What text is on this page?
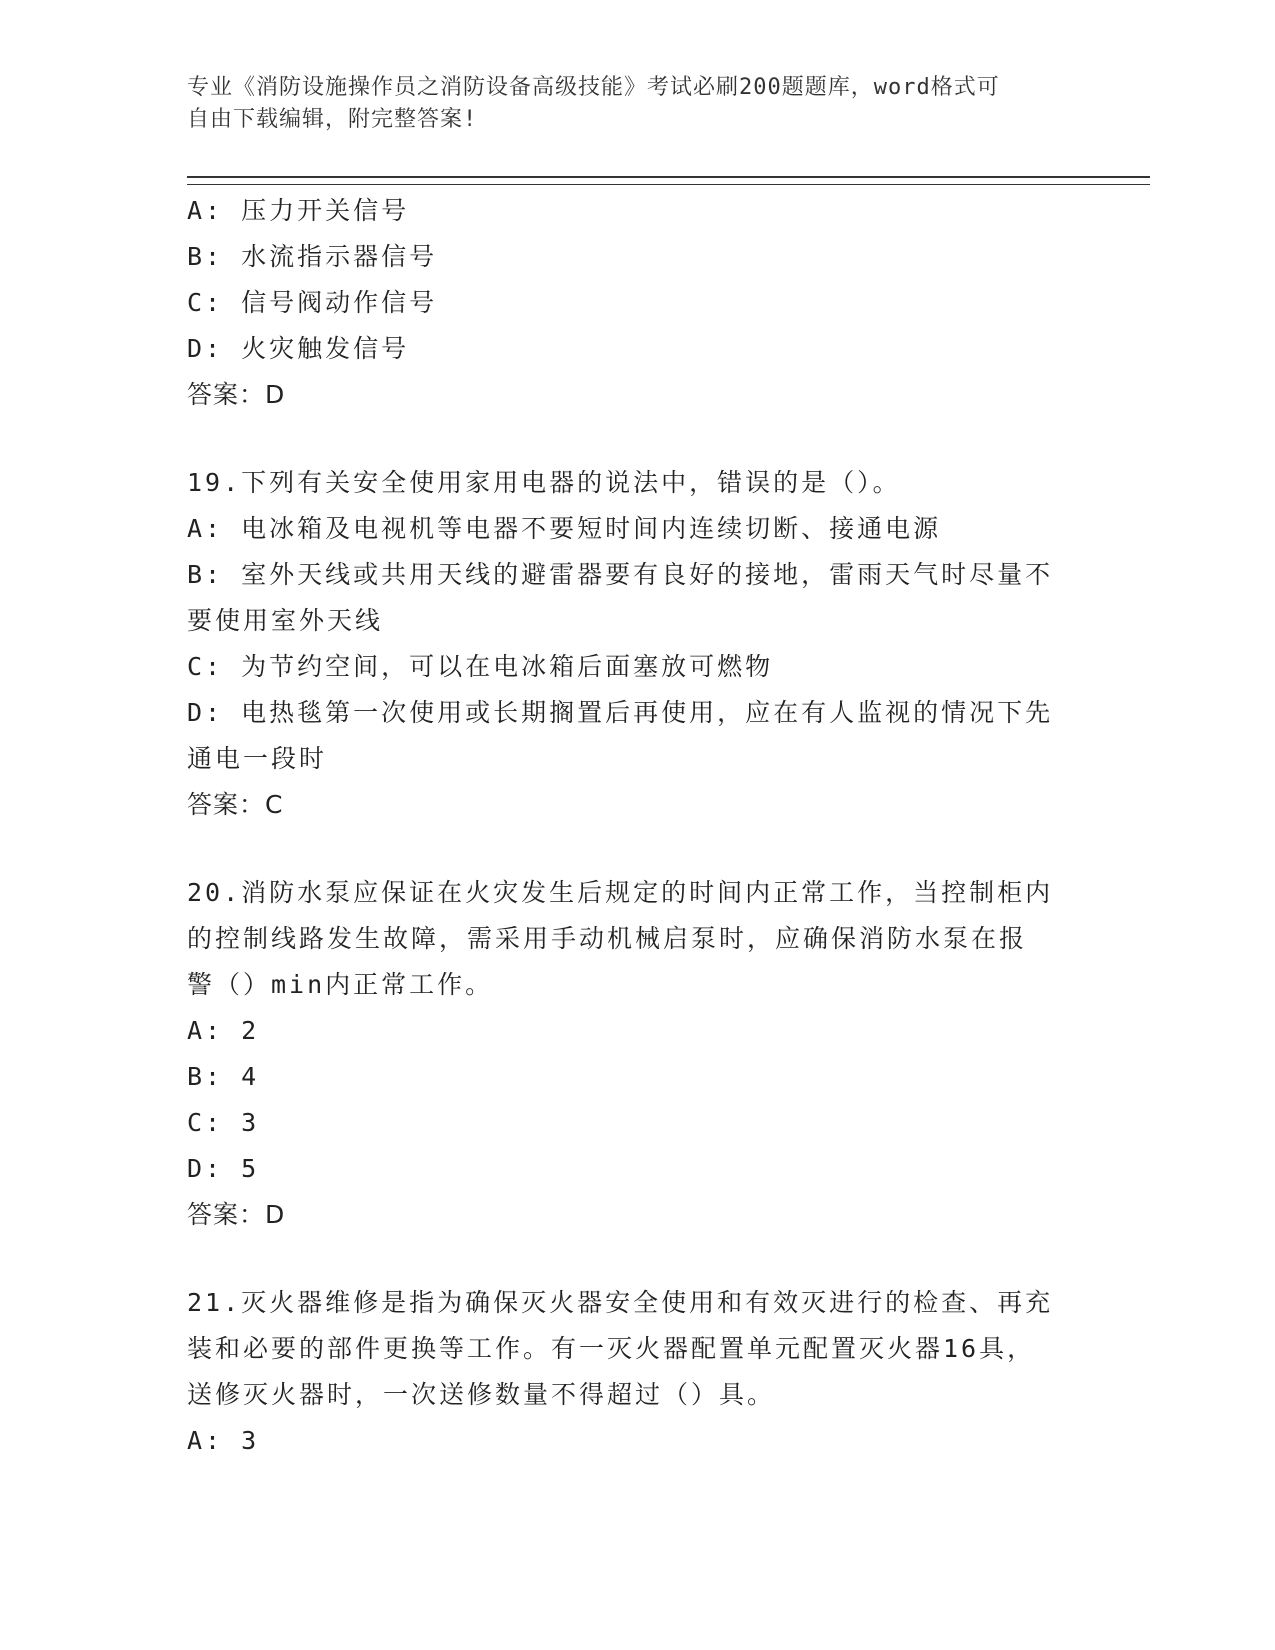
专业《消防设施操作员之消防设备高级技能》考试必刷200题题库，word格式可
自由下载编辑，附完整答案!
A: 压力开关信号
B: 水流指示器信号
C: 信号阀动作信号
D: 火灾触发信号
答案：D
19.下列有关安全使用家用电器的说法中，错误的是（）。
A: 电冰箱及电视机等电器不要短时间内连续切断、接通电源
B: 室外天线或共用天线的避雷器要有良好的接地，雷雨天气时尽量不
要使用室外天线
C: 为节约空间，可以在电冰箱后面塞放可燃物
D: 电热毯第一次使用或长期搁置后再使用，应在有人监视的情况下先
通电一段时
答案：C
20.消防水泵应保证在火灾发生后规定的时间内正常工作，当控制柜内
的控制线路发生故障，需采用手动机械启泵时，应确保消防水泵在报
警（）min内正常工作。
A: 2
B: 4
C: 3
D: 5
答案：D
21.灭火器维修是指为确保灭火器安全使用和有效灭进行的检查、再充
装和必要的部件更换等工作。有一灭火器配置单元配置灭火器16具，
送修灭火器时，一次送修数量不得超过（）具。
A: 3
